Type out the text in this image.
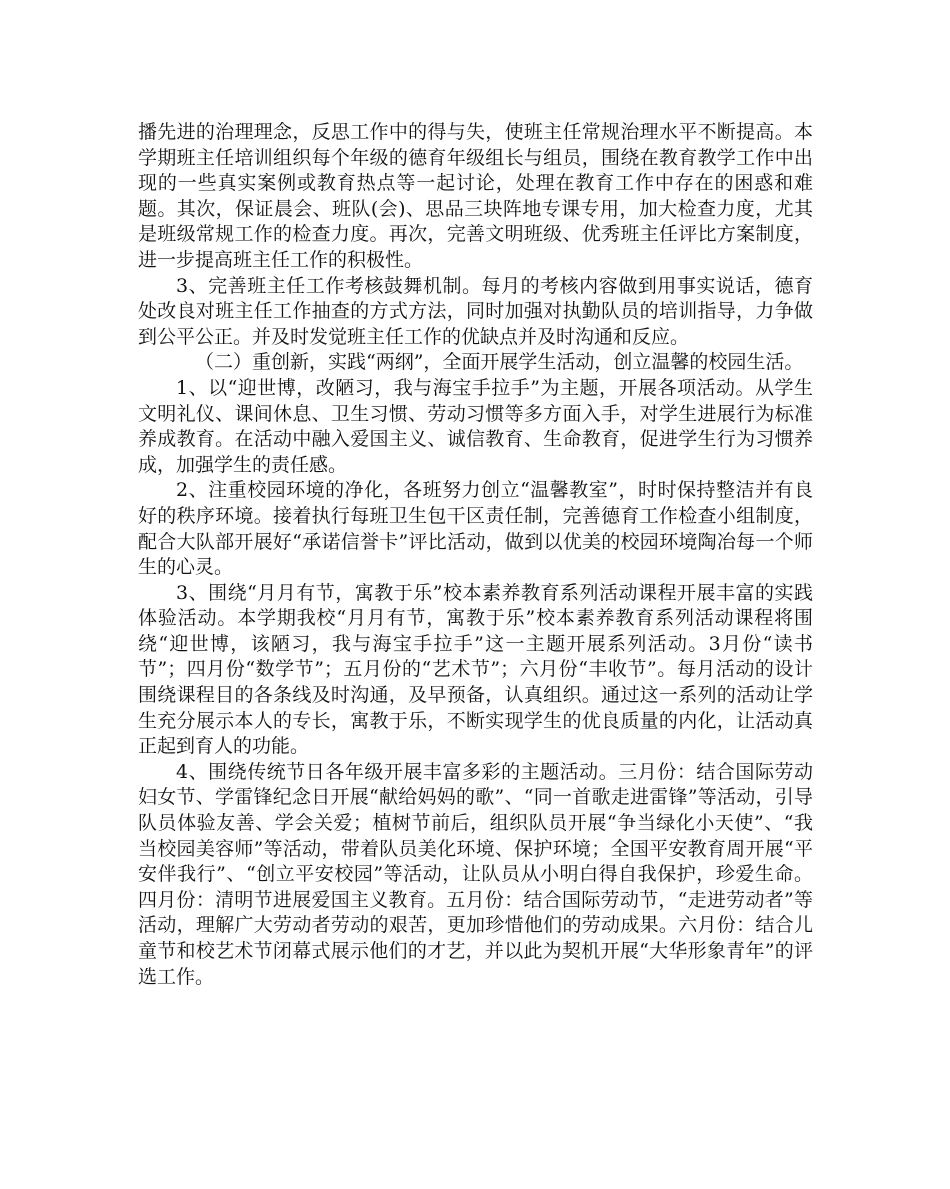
播先进的治理理念，反思工作中的得与失，使班主任常规治理水平不断提高。本学期班主任培训组织每个年级的德育年级组长与组员，围绕在教育教学工作中出现的一些真实案例或教育热点等一起讨论，处理在教育工作中存在的困惑和难题。其次，保证晨会、班队(会)、思品三块阵地专课专用，加大检查力度，尤其是班级常规工作的检查力度。再次，完善文明班级、优秀班主任评比方案制度，进一步提高班主任工作的积极性。

3、完善班主任工作考核鼓舞机制。每月的考核内容做到用事实说话，德育处改良对班主任工作抽查的方式方法，同时加强对执勤队员的培训指导，力争做到公平公正。并及时发觉班主任工作的优缺点并及时沟通和反应。

（二）重创新，实践“两纲”，全面开展学生活动，创立温馨的校园生活。

1、以“迎世博，改陋习，我与海宝手拉手”为主题，开展各项活动。从学生文明礼仪、课间休息、卫生习惯、劳动习惯等多方面入手，对学生进展行为标准养成教育。在活动中融入爱国主义、诚信教育、生命教育，促进学生行为习惯养成，加强学生的责任感。

2、注重校园环境的净化，各班努力创立“温馨教室”，时时保持整洁并有良好的秩序环境。接着执行每班卫生包干区责任制，完善德育工作检查小组制度，配合大队部开展好“承诺信誉卡”评比活动，做到以优美的校园环境陶冶每一个师生的心灵。

3、围绕“月月有节，寓教于乐”校本素养教育系列活动课程开展丰富的实践体验活动。本学期我校“月月有节，寓教于乐”校本素养教育系列活动课程将围绕“迎世博，该陋习，我与海宝手拉手”这一主题开展系列活动。3月份“读书节”；四月份“数学节”；五月份的“艺术节”；六月份“丰收节”。每月活动的设计围绕课程目的各条线及时沟通，及早预备，认真组织。通过这一系列的活动让学生充分展示本人的专长，寓教于乐，不断实现学生的优良质量的内化，让活动真正起到育人的功能。

4、围绕传统节日各年级开展丰富多彩的主题活动。三月份：结合国际劳动妇女节、学雷锋纪念日开展“献给妈妈的歌”、“同一首歌走进雷锋”等活动，引导队员体验友善、学会关爱；植树节前后，组织队员开展“争当绿化小天使”、“我当校园美容师”等活动，带着队员美化环境、保护环境；全国平安教育周开展“平安伴我行”、“创立平安校园”等活动，让队员从小明白得自我保护，珍爱生命。四月份：清明节进展爱国主义教育。五月份：结合国际劳动节，“走进劳动者”等活动，理解广大劳动者劳动的艰苦，更加珍惜他们的劳动成果。六月份：结合儿童节和校艺术节闭幕式展示他们的才艺，并以此为契机开展“大华形象青年”的评选工作。
